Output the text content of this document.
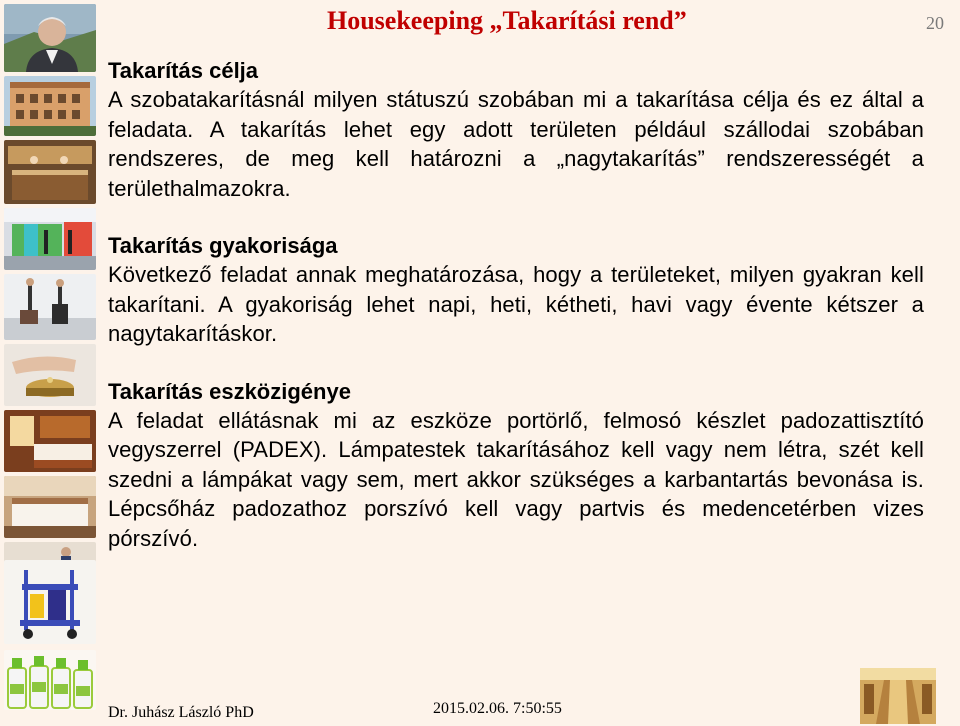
Housekeeping „Takarítási rend”	20
Takarítás célja

A szobatakarításnál milyen státuszú szobában mi a takarítása célja és ez által a feladata. A takarítás lehet egy adott területen például szállodai szobában rendszeres, de meg kell határozni a „nagytakarítás” rendszerességét a területhalmazokra.

Takarítás gyakorisága

Következő feladat annak meghatározása, hogy a területeket, milyen gyakran kell takarítani. A gyakoriság lehet napi, heti, kétheti, havi vagy évente kétszer a nagytakarításkor.

Takarítás eszközigénye

A feladat ellátásnak mi az eszköze portörlő, felmosó készlet padozattisztító vegyszerrel (PADEX). Lámpatestek takarításához kell vagy nem létra, szét kell szedni a lámpákat vagy sem, mert akkor szükséges a karbantartás bevonása is. Lépcsőház padozathoz porszívó kell vagy partvis és medencetérben vizes pórszívó.

Dr. Juhász László PhD	2015.02.06. 7:50:55
